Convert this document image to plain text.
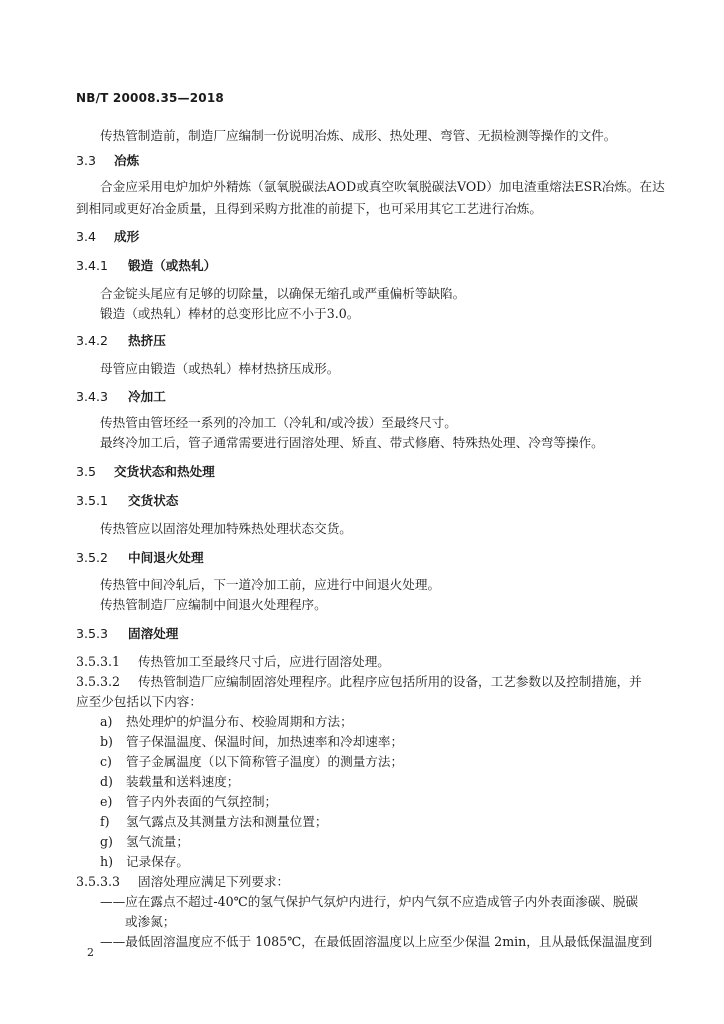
NB/T 20008.35—2018
传热管制造前，制造厂应编制一份说明冶炼、成形、热处理、弯管、无损检测等操作的文件。
3.3 冶炼
合金应采用电炉加炉外精炼（氩氧脱碳法AOD或真空吹氧脱碳法VOD）加电渣重熔法ESR冶炼。在达
到相同或更好冶金质量，且得到采购方批准的前提下，也可采用其它工艺进行冶炼。
3.4 成形
3.4.1 锻造（或热轧）
合金锭头尾应有足够的切除量，以确保无缩孔或严重偏析等缺陷。
锻造（或热轧）棒材的总变形比应不小于3.0。
3.4.2 热挤压
母管应由锻造（或热轧）棒材热挤压成形。
3.4.3 冷加工
传热管由管坯经一系列的冷加工（冷轧和/或冷拔）至最终尺寸。
最终冷加工后，管子通常需要进行固溶处理、矫直、带式修磨、特殊热处理、冷弯等操作。
3.5 交货状态和热处理
3.5.1 交货状态
传热管应以固溶处理加特殊热处理状态交货。
3.5.2 中间退火处理
传热管中间冷轧后，下一道冷加工前，应进行中间退火处理。
传热管制造厂应编制中间退火处理程序。
3.5.3 固溶处理
3.5.3.1 传热管加工至最终尺寸后，应进行固溶处理。
3.5.3.2 传热管制造厂应编制固溶处理程序。此程序应包括所用的设备，工艺参数以及控制措施，并
应至少包括以下内容：
a) 热处理炉的炉温分布、校验周期和方法；
b) 管子保温温度、保温时间，加热速率和冷却速率；
c) 管子金属温度（以下简称管子温度）的测量方法；
d) 装载量和送料速度；
e) 管子内外表面的气氛控制；
f) 氢气露点及其测量方法和测量位置；
g) 氢气流量；
h) 记录保存。
3.5.3.3 固溶处理应满足下列要求：
——应在露点不超过-40℃的氢气保护气氛炉内进行，炉内气氛不应造成管子内外表面渗碳、脱碳
或渗氮；
——最低固溶温度应不低于 1085℃，在最低固溶温度以上应至少保温 2min，且从最低保温温度到
2
